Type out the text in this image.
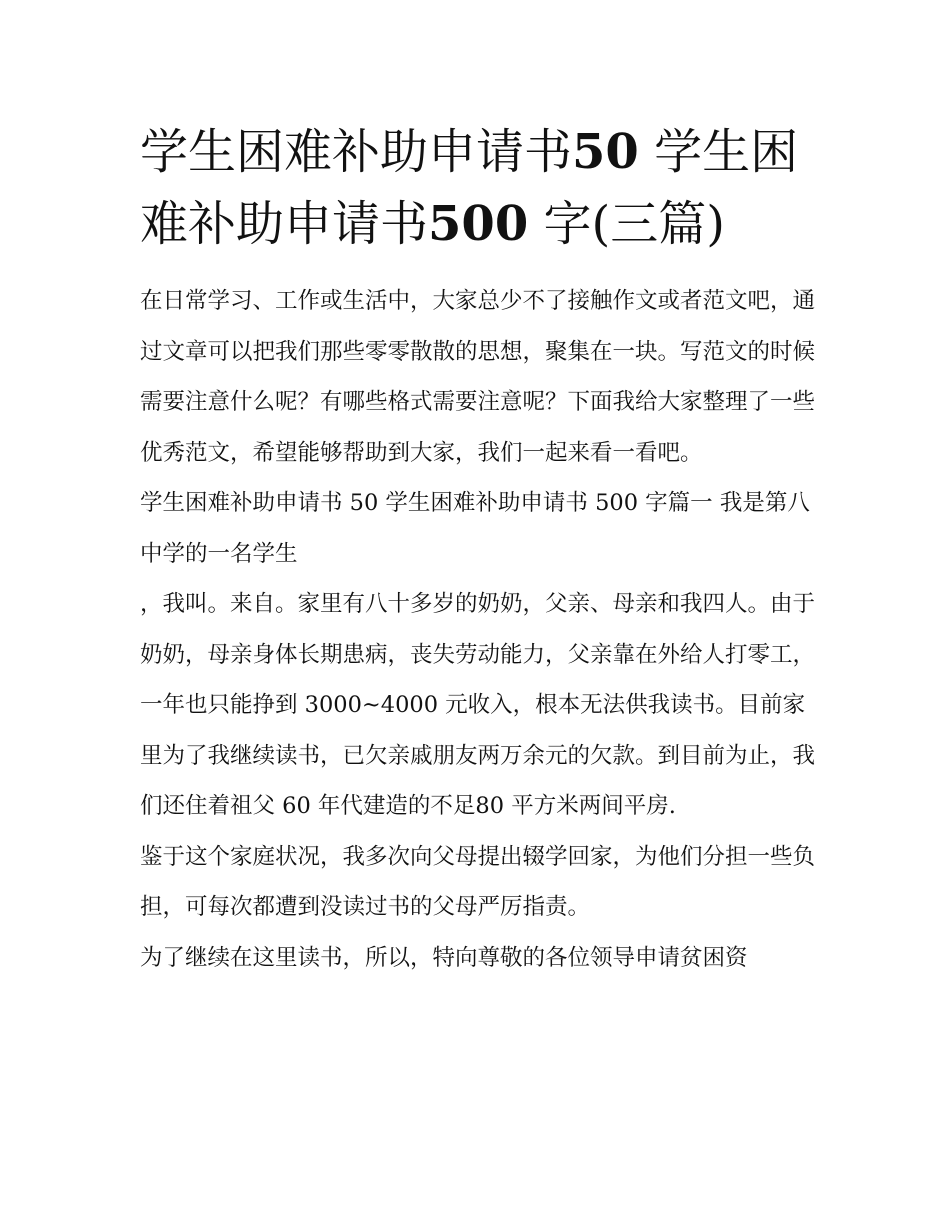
学生困难补助申请书50 学生困难补助申请书500 字(三篇)

在日常学习、工作或生活中，大家总少不了接触作文或者范文吧，通过文章可以把我们那些零零散散的思想，聚集在一块。写范文的时候需要注意什么呢？有哪些格式需要注意呢？下面我给大家整理了一些优秀范文，希望能够帮助到大家，我们一起来看一看吧。

学生困难补助申请书 50 学生困难补助申请书 500 字篇一 我是第八中学的一名学生

，我叫。来自。家里有八十多岁的奶奶，父亲、母亲和我四人。由于奶奶，母亲身体长期患病，丧失劳动能力，父亲靠在外给人打零工，一年也只能挣到 3000~4000 元收入，根本无法供我读书。目前家里为了我继续读书，已欠亲戚朋友两万余元的欠款。到目前为止，我们还住着祖父 60 年代建造的不足80 平方米两间平房.

鉴于这个家庭状况，我多次向父母提出辍学回家，为他们分担一些负担，可每次都遭到没读过书的父母严厉指责。

为了继续在这里读书，所以，特向尊敬的各位领导申请贫困资
